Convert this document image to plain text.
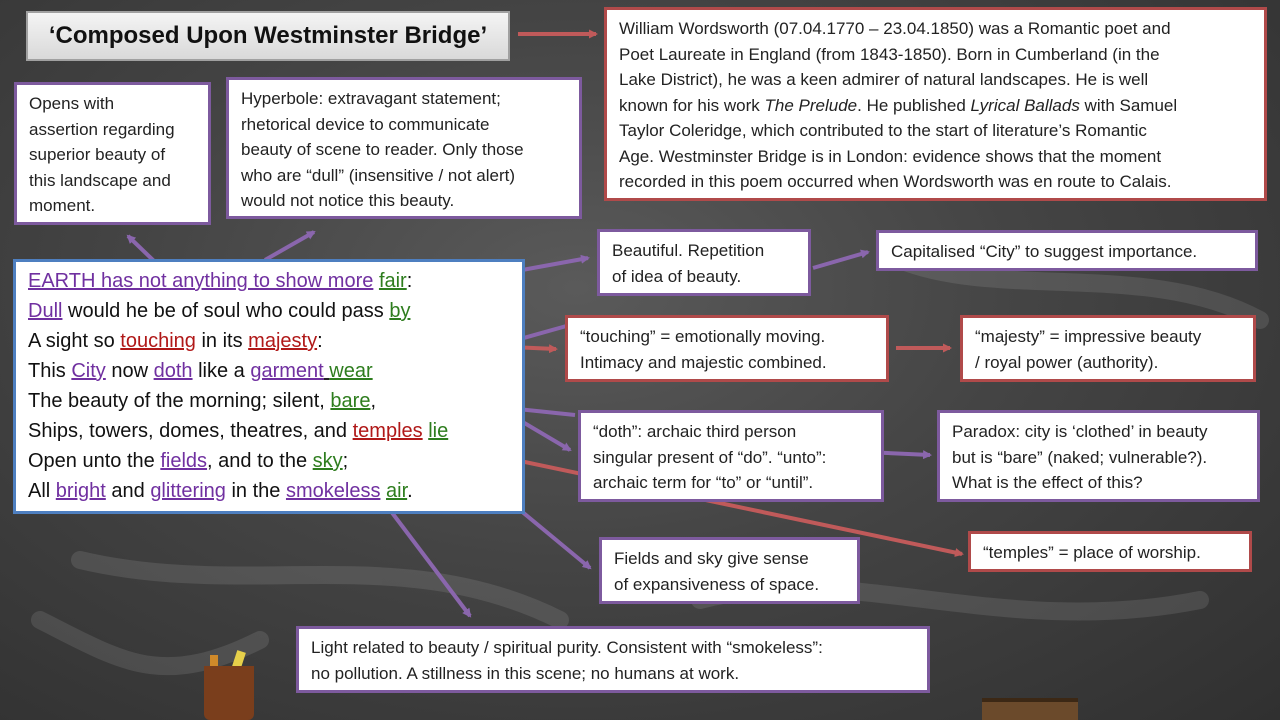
‘Composed Upon Westminster Bridge’	William Wordsworth (07.04.1770 – 23.04.1850) was a Romantic poet and
Poet Laureate in England (from 1843-1850). Born in Cumberland (in the
Lake District), he was a keen admirer of natural landscapes. He is well
known for his work The Prelude. He published Lyrical Ballads with Samuel
Taylor Coleridge, which contributed to the start of literature’s Romantic
Age. Westminster Bridge is in London: evidence shows that the moment
recorded in this poem occurred when Wordsworth was en route to Calais.
Opens with
assertion regarding
superior beauty of
this landscape and
moment.
Hyperbole: extravagant statement;
rhetorical device to communicate
beauty of scene to reader. Only those
who are “dull” (insensitive / not alert)
would not notice this beauty.
Beautiful. Repetition
of idea of beauty.
Capitalised “City” to suggest importance.
“touching” = emotionally moving.
Intimacy and majestic combined.
“majesty” = impressive beauty
/ royal power (authority).
“doth”: archaic third person
singular present of “do”. “unto”:
archaic term for “to” or “until”.
Paradox: city is ‘clothed’ in beauty
but is “bare” (naked; vulnerable?).
What is the effect of this?
“temples” = place of worship.
Fields and sky give sense
of expansiveness of space.
Light related to beauty / spiritual purity. Consistent with “smokeless”:
no pollution. A stillness in this scene; no humans at work.
EARTH has not anything to show more fair:
Dull would he be of soul who could pass by
A sight so touching in its majesty:
This City now doth like a garment wear
The beauty of the morning; silent, bare,
Ships, towers, domes, theatres, and temples lie
Open unto the fields, and to the sky;
All bright and glittering in the smokeless air.
